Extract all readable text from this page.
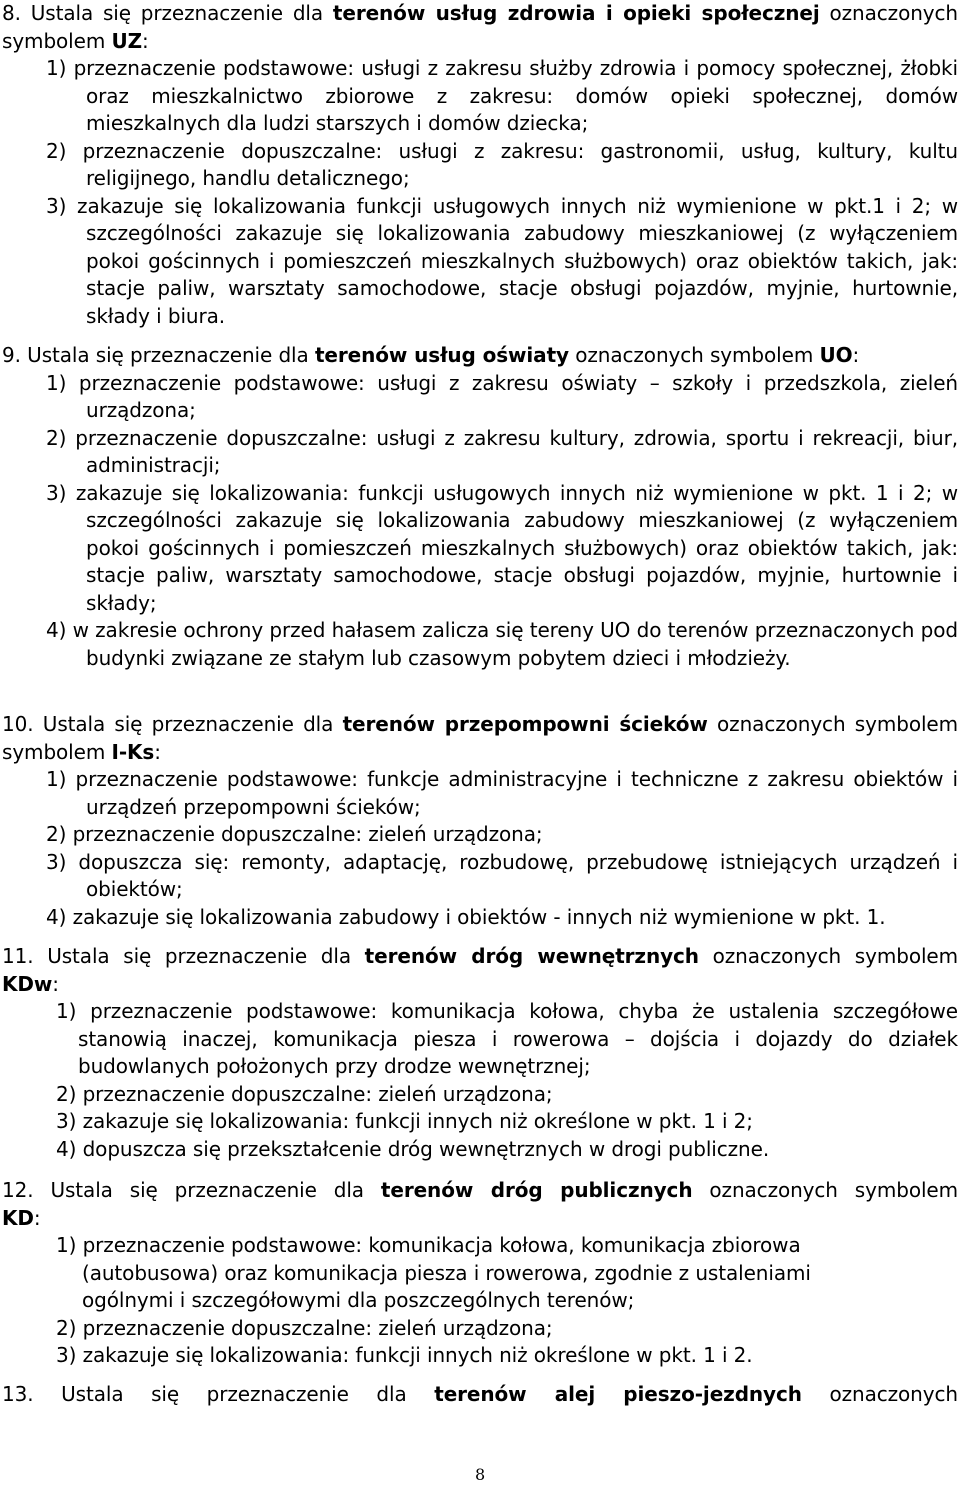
8. Ustala się przeznaczenie dla terenów usług zdrowia i opieki społecznej oznaczonych symbolem UZ:
1) przeznaczenie podstawowe: usługi z zakresu służby zdrowia i pomocy społecznej, żłobki oraz mieszkalnictwo zbiorowe z zakresu: domów opieki społecznej, domów mieszkalnych dla ludzi starszych i domów dziecka;
2) przeznaczenie dopuszczalne: usługi z zakresu: gastronomii, usług, kultury, kultu religijnego, handlu detalicznego;
3) zakazuje się lokalizowania funkcji usługowych innych niż wymienione w pkt.1 i 2; w szczególności zakazuje się lokalizowania zabudowy mieszkaniowej (z wyłączeniem pokoi gościnnych i pomieszczeń mieszkalnych służbowych) oraz obiektów takich, jak: stacje paliw, warsztaty samochodowe, stacje obsługi pojazdów, myjnie, hurtownie, składy i biura.
9. Ustala się przeznaczenie dla terenów usług oświaty oznaczonych symbolem UO:
1) przeznaczenie podstawowe: usługi z zakresu oświaty – szkoły i przedszkola, zieleń urządzona;
2) przeznaczenie dopuszczalne: usługi z zakresu kultury, zdrowia, sportu i rekreacji, biur, administracji;
3) zakazuje się lokalizowania: funkcji usługowych innych niż wymienione w pkt. 1 i 2; w szczególności zakazuje się lokalizowania zabudowy mieszkaniowej (z wyłączeniem pokoi gościnnych i pomieszczeń mieszkalnych służbowych) oraz obiektów takich, jak: stacje paliw, warsztaty samochodowe, stacje obsługi pojazdów, myjnie, hurtownie i składy;
4) w zakresie ochrony przed hałasem zalicza się tereny UO do terenów przeznaczonych pod budynki związane ze stałym lub czasowym pobytem dzieci i młodzieży.
10. Ustala się przeznaczenie dla terenów przepompowni ścieków oznaczonych symbolem
symbolem I-Ks:
1) przeznaczenie podstawowe: funkcje administracyjne i techniczne z zakresu obiektów i urządzeń przepompowni ścieków;
2) przeznaczenie dopuszczalne: zieleń urządzona;
3) dopuszcza się: remonty, adaptację, rozbudowę, przebudowę istniejących urządzeń i obiektów;
4) zakazuje się lokalizowania zabudowy i obiektów - innych niż wymienione w pkt. 1.
11. Ustala się przeznaczenie dla terenów dróg wewnętrznych oznaczonych symbolem
KDw:
1) przeznaczenie podstawowe: komunikacja kołowa, chyba że ustalenia szczegółowe stanowią inaczej, komunikacja piesza i rowerowa – dojścia i dojazdy do działek budowlanych położonych przy drodze wewnętrznej;
2) przeznaczenie dopuszczalne: zieleń urządzona;
3) zakazuje się lokalizowania: funkcji innych niż określone w pkt. 1 i 2;
4) dopuszcza się przekształcenie dróg wewnętrznych w drogi publiczne.
12. Ustala się przeznaczenie dla terenów dróg publicznych oznaczonych symbolem
KD:
1) przeznaczenie podstawowe: komunikacja kołowa, komunikacja zbiorowa (autobusowa) oraz komunikacja piesza i rowerowa, zgodnie z ustaleniami ogólnymi i szczegółowymi dla poszczególnych terenów;
2) przeznaczenie dopuszczalne: zieleń urządzona;
3) zakazuje się lokalizowania: funkcji innych niż określone w pkt. 1 i 2.
13. Ustala się przeznaczenie dla terenów alej pieszo-jezdnych oznaczonych
8
